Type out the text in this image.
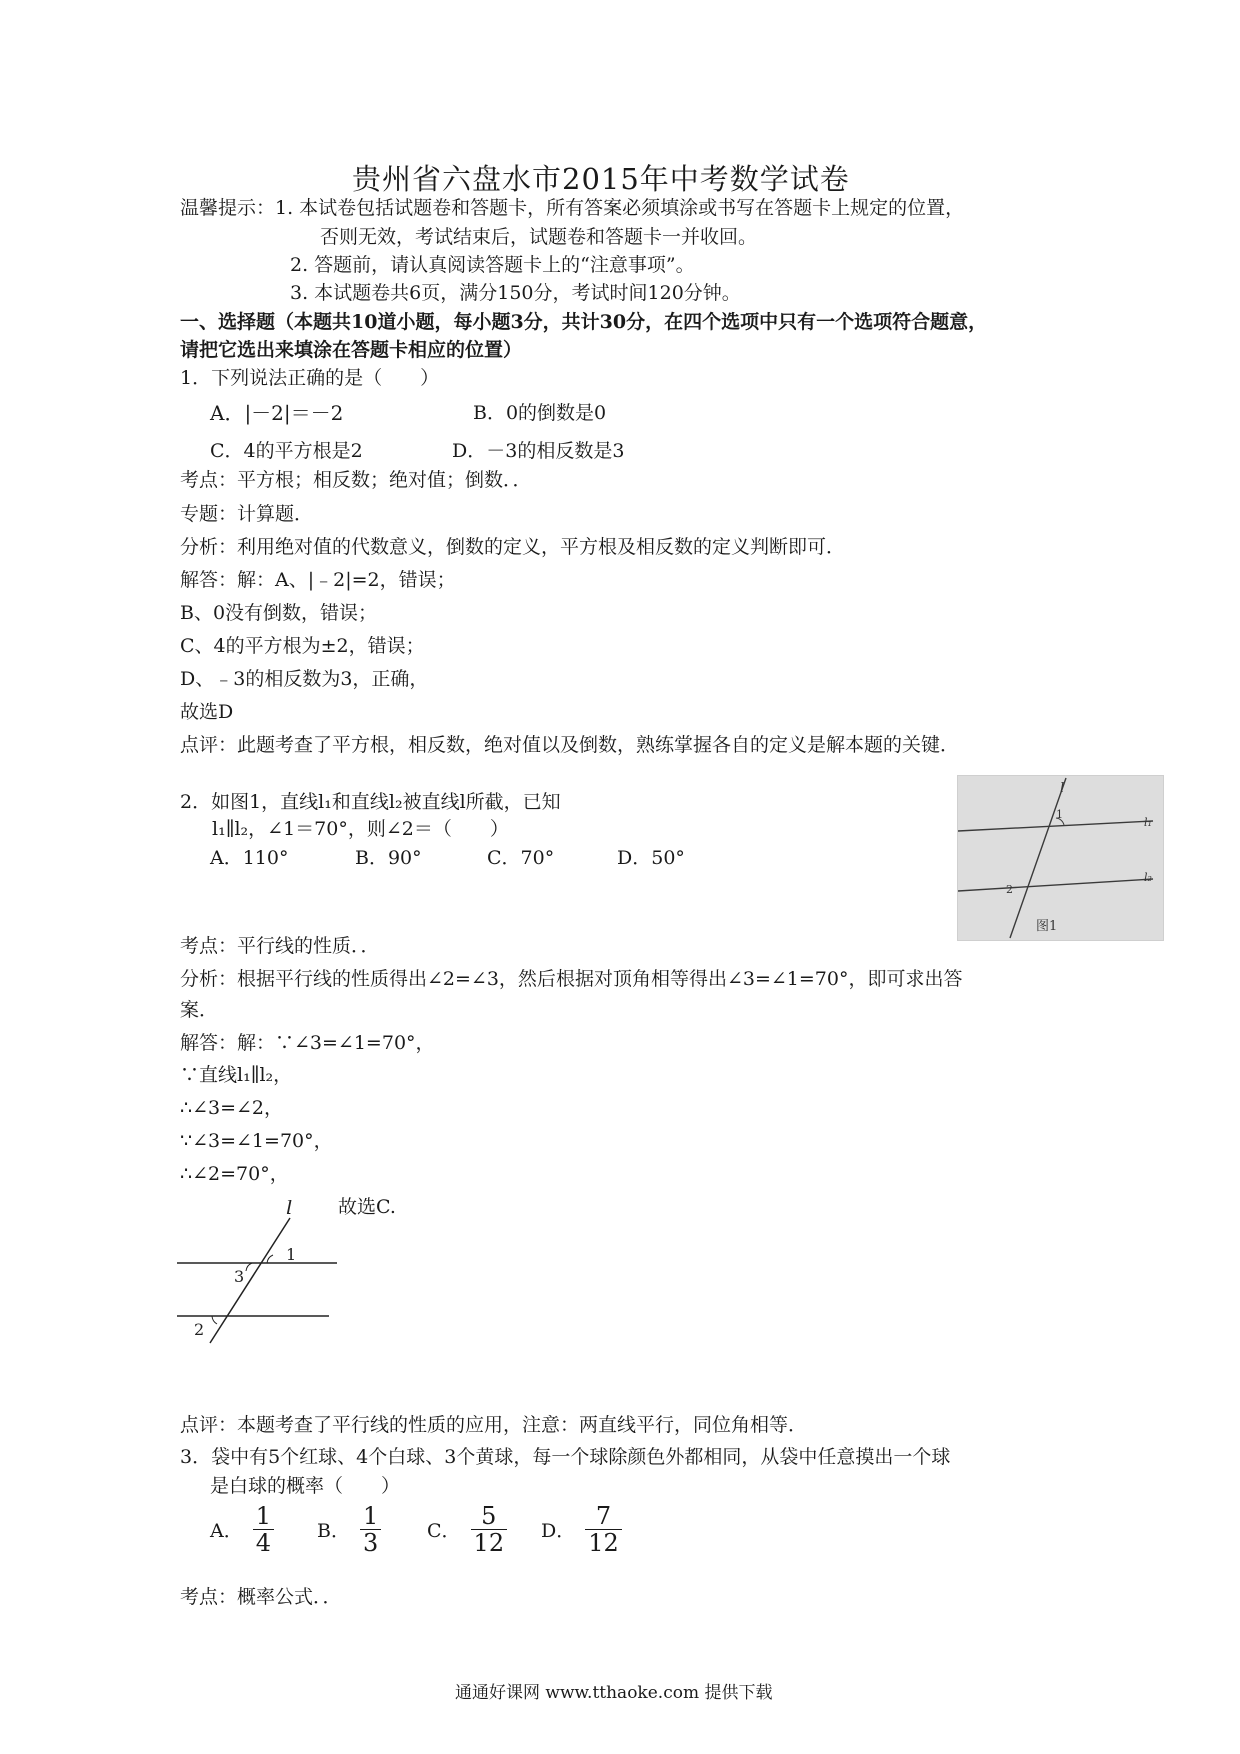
贵州省六盘水市2015年中考数学试卷
温馨提示：1. 本试卷包括试题卷和答题卡，所有答案必须填涂或书写在答题卡上规定的位置，
否则无效，考试结束后，试题卷和答题卡一并收回。
2. 答题前，请认真阅读答题卡上的“注意事项”。
3. 本试题卷共6页，满分150分，考试时间120分钟。
一、选择题（本题共10道小题，每小题3分，共计30分，在四个选项中只有一个选项符合题意，
请把它选出来填涂在答题卡相应的位置）
1．下列说法正确的是（　　）
A．|－2|＝－2	B．0的倒数是0
C．4的平方根是2	D．－3的相反数是3
考点：平方根；相反数；绝对值；倒数．．
专题：计算题．
分析：利用绝对值的代数意义，倒数的定义，平方根及相反数的定义判断即可．
解答：解：A、|﹣2|=2，错误；
B、0没有倒数，错误；
C、4的平方根为±2，错误；
D、﹣3的相反数为3，正确，
故选D
点评：此题考查了平方根，相反数，绝对值以及倒数，熟练掌握各自的定义是解本题的关键．
2．如图1，直线l₁和直线l₂被直线l所截，已知
l₁∥l₂，∠1＝70°，则∠2＝（　　）
A．110°	B．90°	C．70°	D．50°
l
1
l₁
l₂
2
图1
考点：平行线的性质．．
分析：根据平行线的性质得出∠2=∠3，然后根据对顶角相等得出∠3=∠1=70°，即可求出答
案．
解答：解：∵∠3=∠1=70°，
∵直线l₁∥l₂，
∴∠3=∠2，
∵∠3=∠1=70°，
∴∠2=70°，
故选C.
l
1
3
2
点评：本题考查了平行线的性质的应用，注意：两直线平行，同位角相等．
3．袋中有5个红球、4个白球、3个黄球，每一个球除颜色外都相同，从袋中任意摸出一个球
是白球的概率（　　）
A． $\frac{1}{4}$ B． $\frac{1}{3}$ C． $\frac{5}{12}$ D． $\frac{7}{12}$
考点：概率公式．．
通通好课网 www.tthaoke.com 提供下载
